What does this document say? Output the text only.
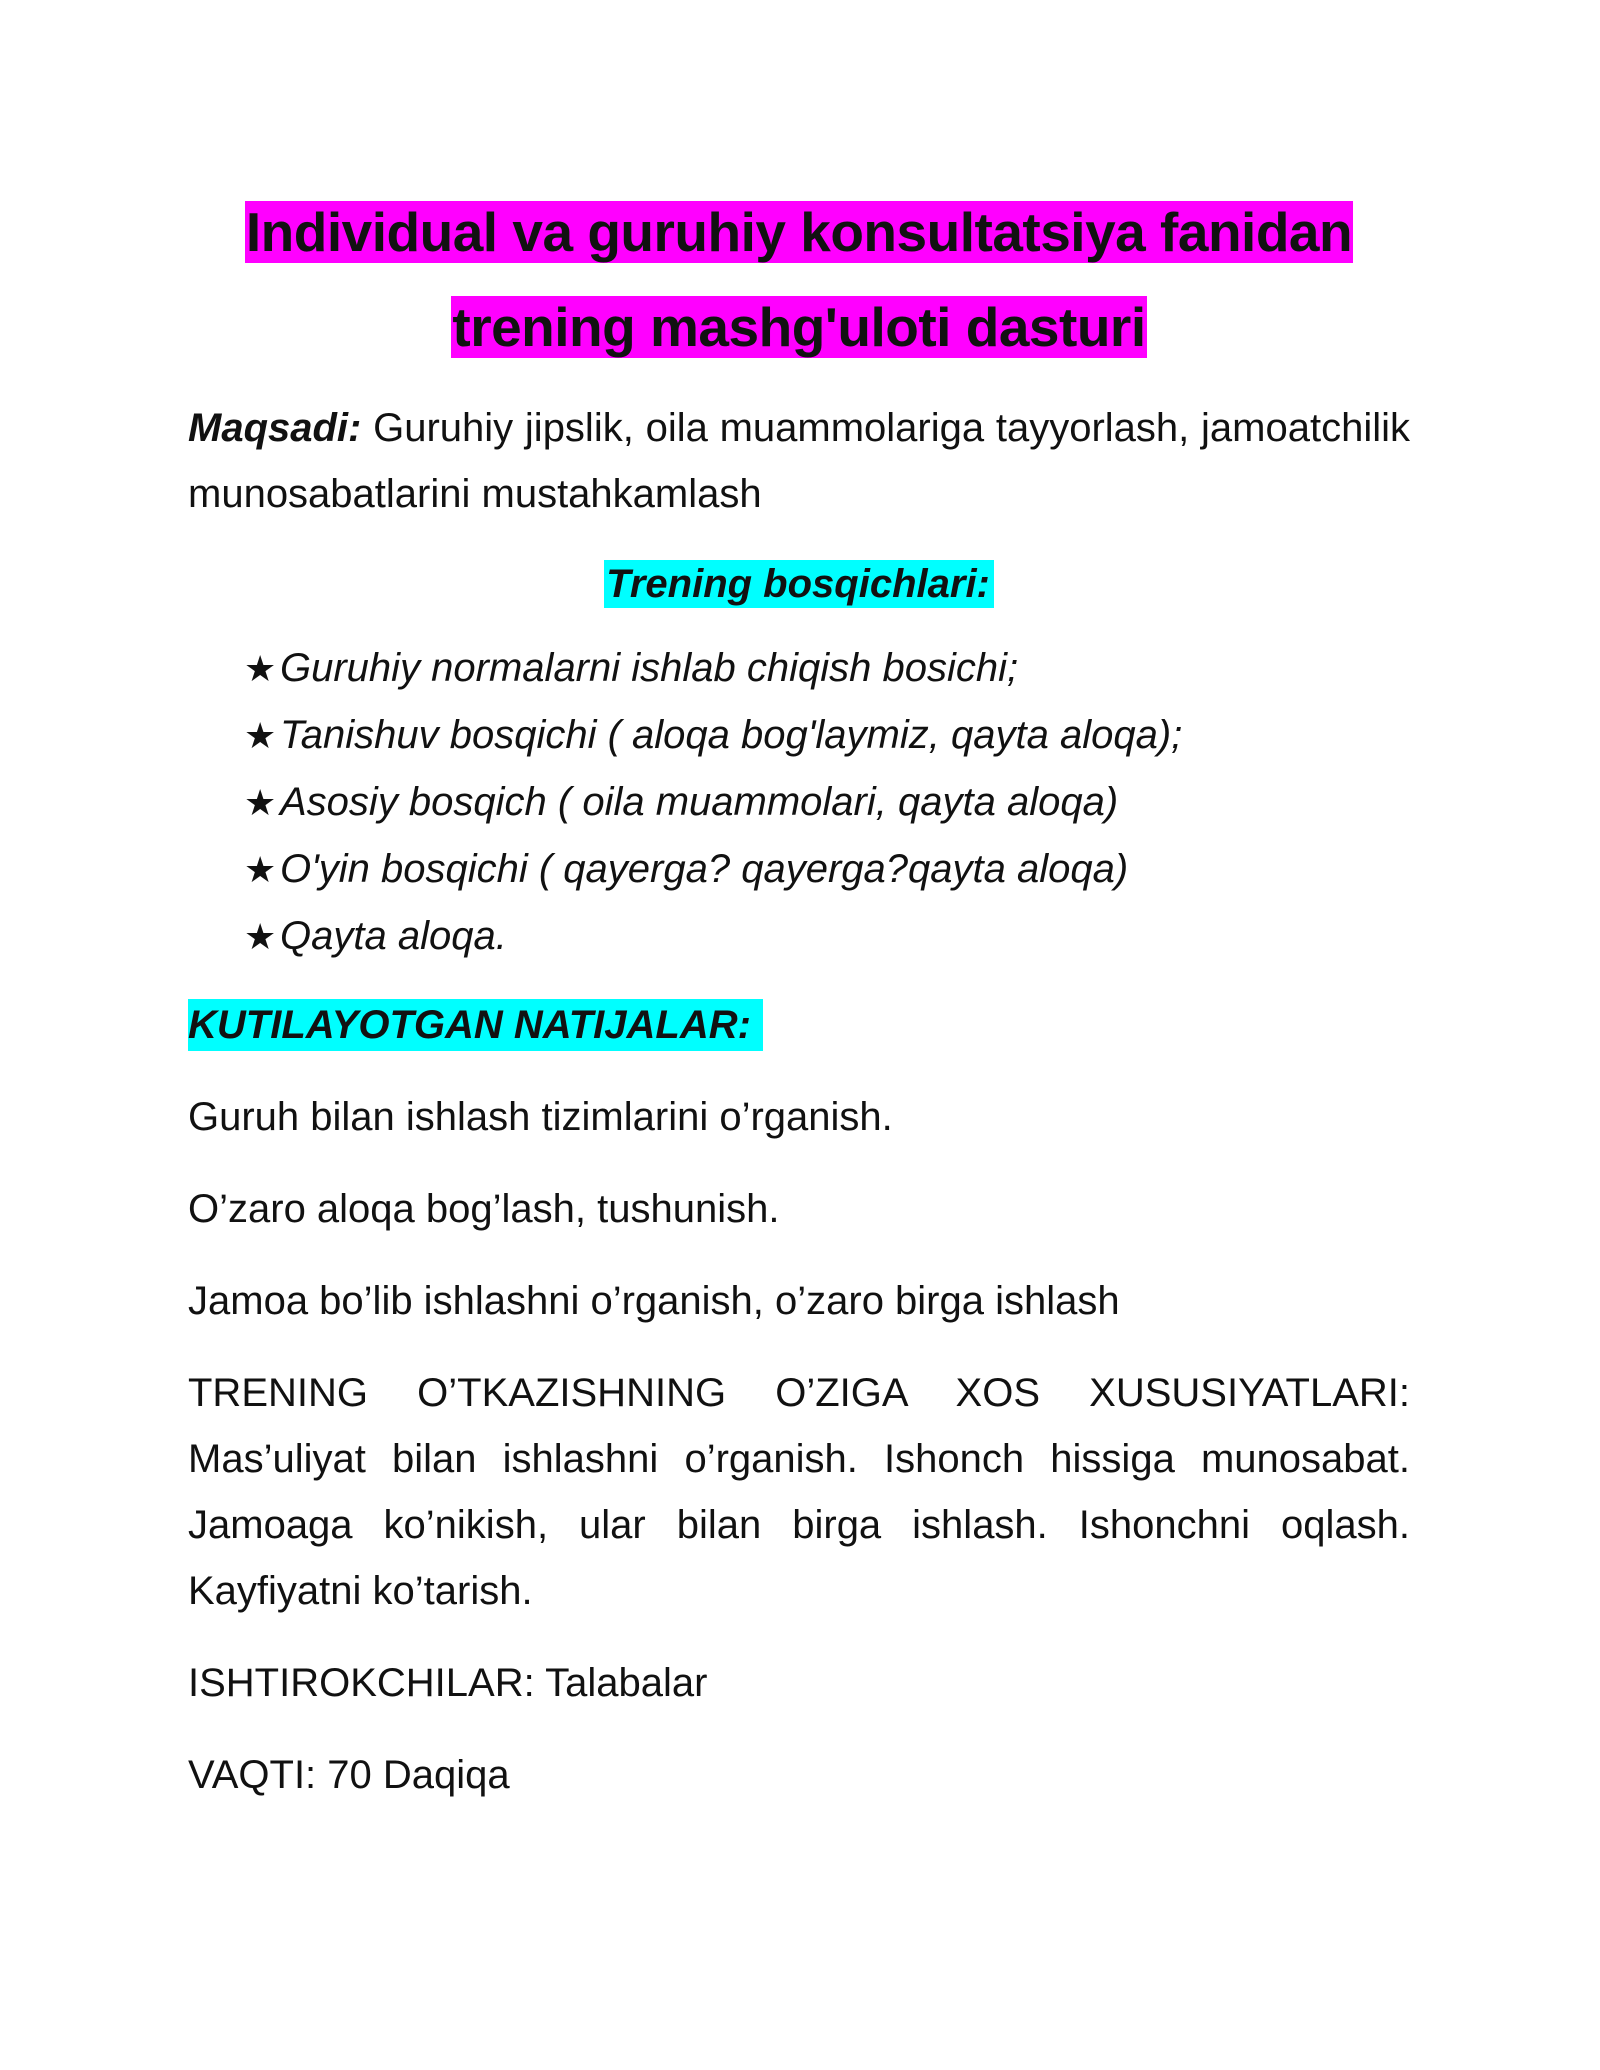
Individual va guruhiy konsultatsiya fanidan
trening mashg'uloti dasturi

Maqsadi: Guruhiy jipslik, oila muammolariga tayyorlash, jamoatchilik munosabatlarini mustahkamlash

Trening bosqichlari:
★Guruhiy normalarni ishlab chiqish bosichi;
★Tanishuv bosqichi ( aloqa bog'laymiz, qayta aloqa);
★Asosiy bosqich ( oila muammolari, qayta aloqa)
★O'yin bosqichi ( qayerga? qayerga?qayta aloqa)
★Qayta aloqa.
KUTILAYOTGAN NATIJALAR:

Guruh bilan ishlash tizimlarini o’rganish.

O’zaro aloqa bog’lash, tushunish.

Jamoa bo’lib ishlashni o’rganish, o’zaro birga ishlash

TRENING O’TKAZISHNING O’ZIGA XOS XUSUSIYATLARI: Mas’uliyat bilan ishlashni o’rganish. Ishonch hissiga munosabat. Jamoaga ko’nikish, ular bilan birga ishlash. Ishonchni oqlash. Kayfiyatni ko’tarish.

ISHTIROKCHILAR: Talabalar

VAQTI: 70 Daqiqa
